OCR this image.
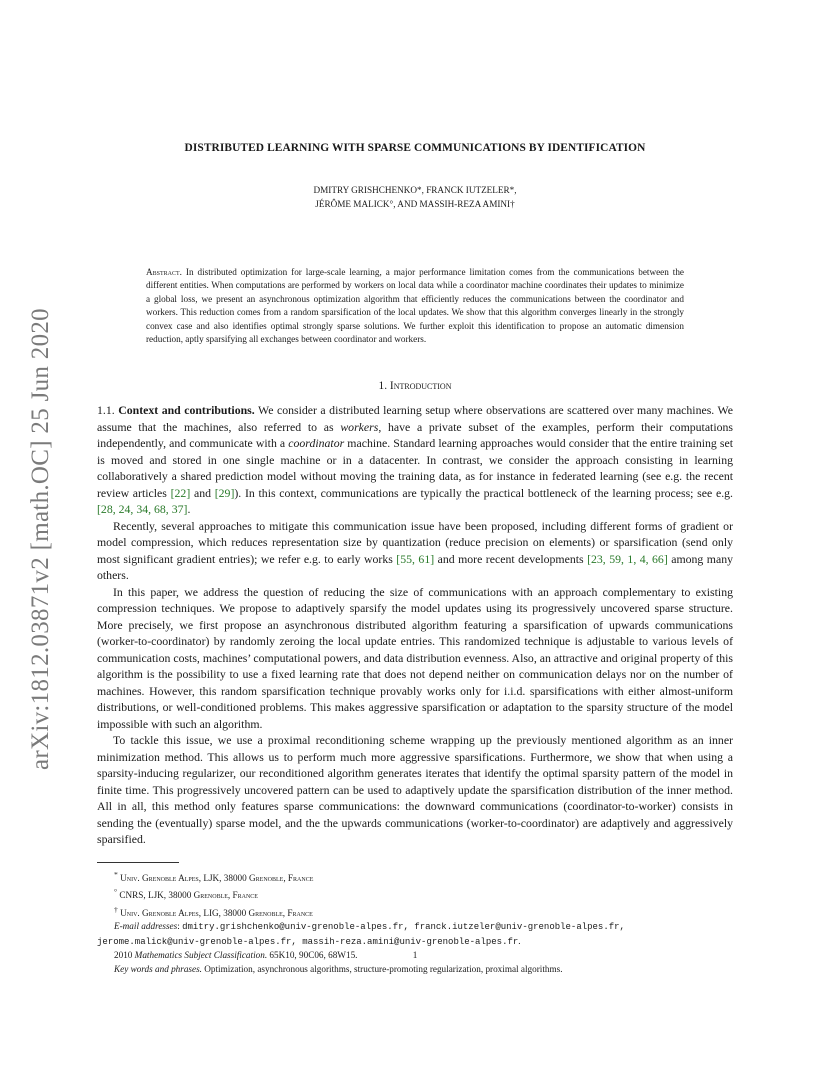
arXiv:1812.03871v2 [math.OC] 25 Jun 2020
DISTRIBUTED LEARNING WITH SPARSE COMMUNICATIONS BY IDENTIFICATION
DMITRY GRISHCHENKO*, FRANCK IUTZELER*,
JÉRÔME MALICK°, AND MASSIH-REZA AMINI†
Abstract. In distributed optimization for large-scale learning, a major performance limitation comes from the communications between the different entities. When computations are performed by workers on local data while a coordinator machine coordinates their updates to minimize a global loss, we present an asynchronous optimization algorithm that efficiently reduces the communications between the coordinator and workers. This reduction comes from a random sparsification of the local updates. We show that this algorithm converges linearly in the strongly convex case and also identifies optimal strongly sparse solutions. We further exploit this identification to propose an automatic dimension reduction, aptly sparsifying all exchanges between coordinator and workers.
1. Introduction

1.1. Context and contributions. We consider a distributed learning setup where observations are scattered over many machines. We assume that the machines, also referred to as workers, have a private subset of the examples, perform their computations independently, and communicate with a coordinator machine. Standard learning approaches would consider that the entire training set is moved and stored in one single machine or in a datacenter. In contrast, we consider the approach consisting in learning collaboratively a shared prediction model without moving the training data, as for instance in federated learning (see e.g. the recent review articles [22] and [29]). In this context, communications are typically the practical bottleneck of the learning process; see e.g. [28, 24, 34, 68, 37].

Recently, several approaches to mitigate this communication issue have been proposed, including different forms of gradient or model compression, which reduces representation size by quantization (reduce precision on elements) or sparsification (send only most significant gradient entries); we refer e.g. to early works [55, 61] and more recent developments [23, 59, 1, 4, 66] among many others.

In this paper, we address the question of reducing the size of communications with an approach complementary to existing compression techniques. We propose to adaptively sparsify the model updates using its progressively uncovered sparse structure. More precisely, we first propose an asynchronous distributed algorithm featuring a sparsification of upwards communications (worker-to-coordinator) by randomly zeroing the local update entries. This randomized technique is adjustable to various levels of communication costs, machines’ computational powers, and data distribution evenness. Also, an attractive and original property of this algorithm is the possibility to use a fixed learning rate that does not depend neither on communication delays nor on the number of machines. However, this random sparsification technique provably works only for i.i.d. sparsifications with either almost-uniform distributions, or well-conditioned problems. This makes aggressive sparsification or adaptation to the sparsity structure of the model impossible with such an algorithm.

To tackle this issue, we use a proximal reconditioning scheme wrapping up the previously mentioned algorithm as an inner minimization method. This allows us to perform much more aggressive sparsifications. Furthermore, we show that when using a sparsity-inducing regularizer, our reconditioned algorithm generates iterates that identify the optimal sparsity pattern of the model in finite time. This progressively uncovered pattern can be used to adaptively update the sparsification distribution of the inner method. All in all, this method only features sparse communications: the downward communications (coordinator-to-worker) consists in sending the (eventually) sparse model, and the the upwards communications (worker-to-coordinator) are adaptively and aggressively sparsified.

* Univ. Grenoble Alpes, LJK, 38000 Grenoble, France
° CNRS, LJK, 38000 Grenoble, France
† Univ. Grenoble Alpes, LIG, 38000 Grenoble, France
E-mail addresses: dmitry.grishchenko@univ-grenoble-alpes.fr, franck.iutzeler@univ-grenoble-alpes.fr,
jerome.malick@univ-grenoble-alpes.fr, massih-reza.amini@univ-grenoble-alpes.fr.
2010 Mathematics Subject Classification. 65K10, 90C06, 68W15.
Key words and phrases. Optimization, asynchronous algorithms, structure-promoting regularization, proximal algorithms.
1
